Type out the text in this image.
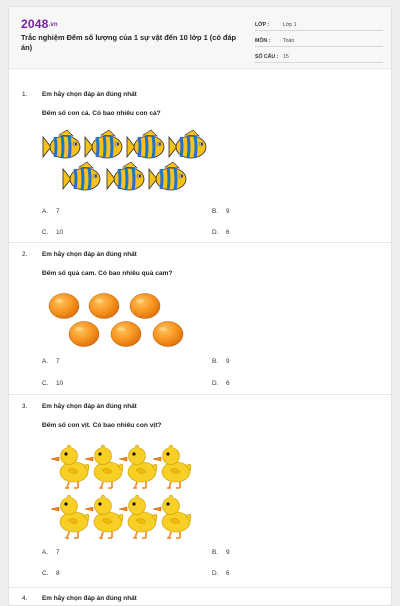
2048.vn
Trắc nghiệm Đếm số lượng của 1 sự vật đến 10 lớp 1 (có đáp án)
LỚP :	Lớp 1
MÔN :	Toán
SỐ CÂU : 15
1. Em hãy chọn đáp án đúng nhất
Đếm số con cá. Có bao nhiêu con cá?
A. 7	B. 9
C. 10	D. 6
2. Em hãy chọn đáp án đúng nhất
Đếm số quả cam. Có bao nhiêu quả cam?
A. 7	B. 9
C. 10	D. 6
3. Em hãy chọn đáp án đúng nhất
Đếm số con vịt. Có bao nhiêu con vịt?
A. 7	B. 9
C. 8	D. 6
4. Em hãy chọn đáp án đúng nhất
